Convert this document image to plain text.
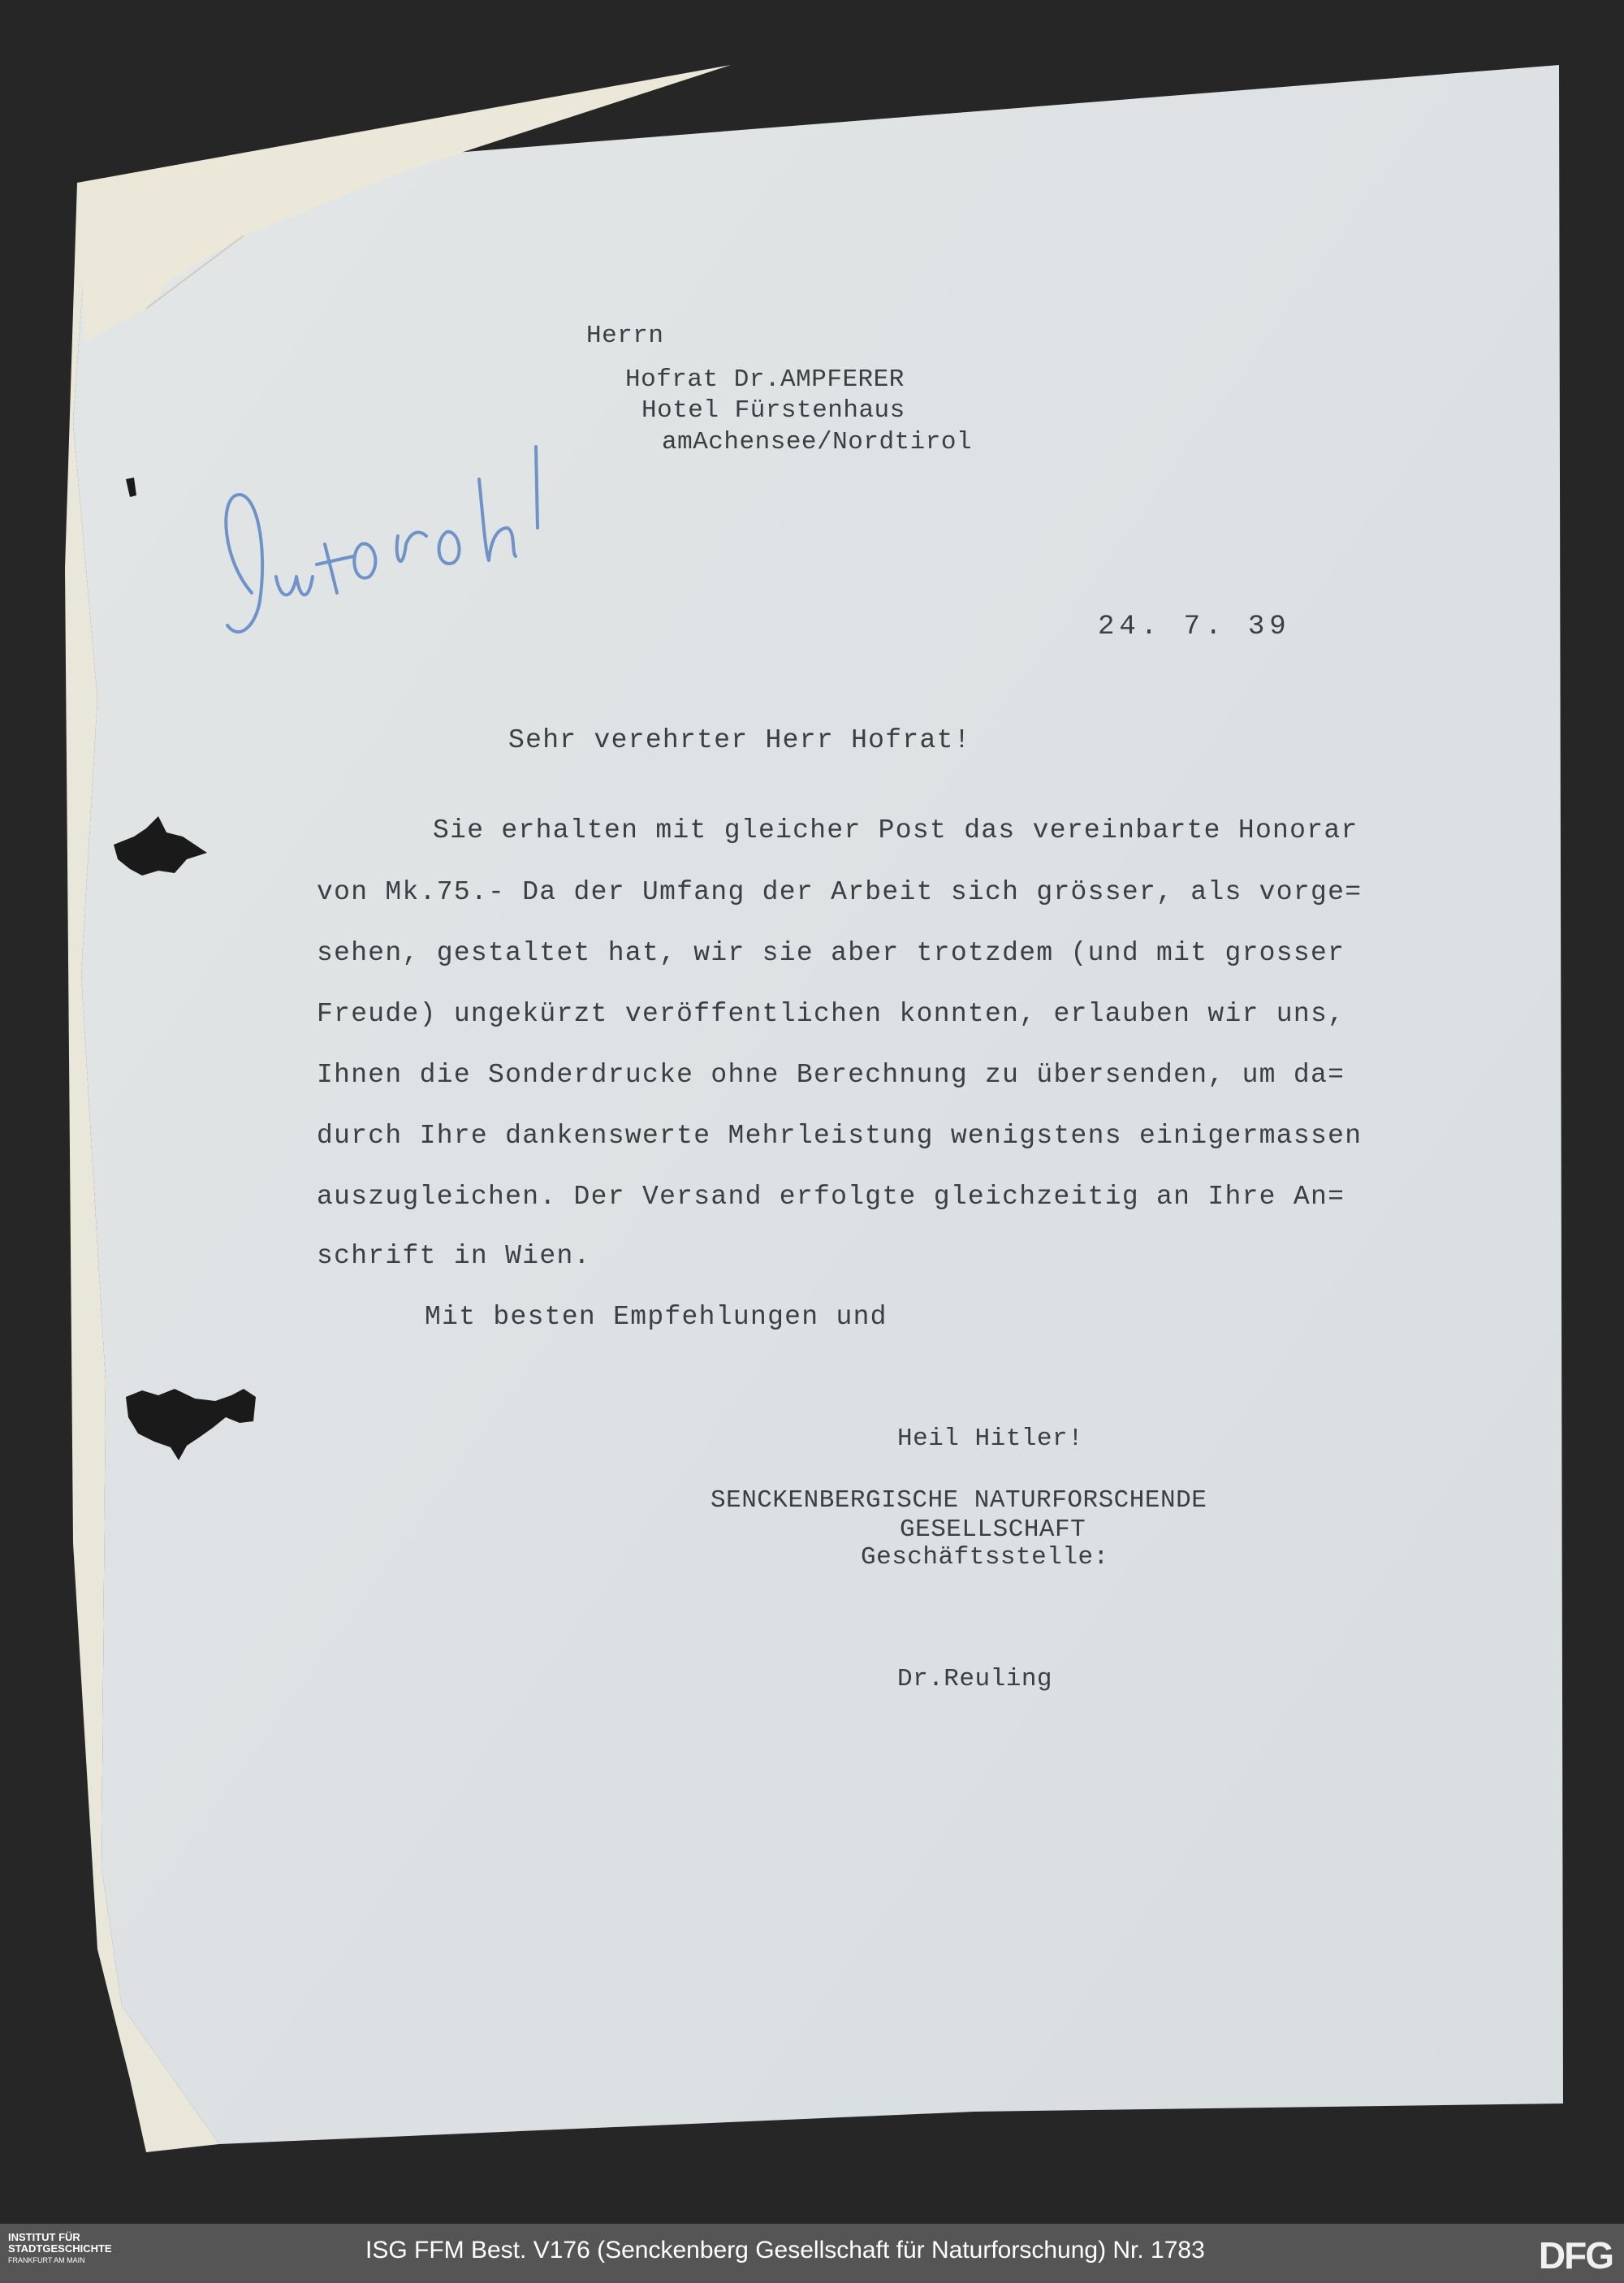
Herrn
Hofrat Dr.AMPFERER
Hotel Fürstenhaus
amAchensee/Nordtirol
24. 7. 39
Sehr verehrter Herr Hofrat!
Sie erhalten mit gleicher Post das vereinbarte Honorar
von Mk.75.- Da der Umfang der Arbeit sich grösser, als vorge=
sehen, gestaltet hat, wir sie aber trotzdem (und mit grosser
Freude) ungekürzt veröffentlichen konnten, erlauben wir uns,
Ihnen die Sonderdrucke ohne Berechnung zu übersenden, um da=
durch Ihre dankenswerte Mehrleistung wenigstens einigermassen
auszugleichen. Der Versand erfolgte gleichzeitig an Ihre An=
schrift in Wien.
Mit besten Empfehlungen und
Heil Hitler!
SENCKENBERGISCHE NATURFORSCHENDE
GESELLSCHAFT
Geschäftsstelle:
Dr.Reuling
INSTITUT FÜR
STADTGESCHICHTE
FRANKFURT AM MAIN	ISG FFM Best. V176 (Senckenberg Gesellschaft für Naturforschung) Nr. 1783	DFG
